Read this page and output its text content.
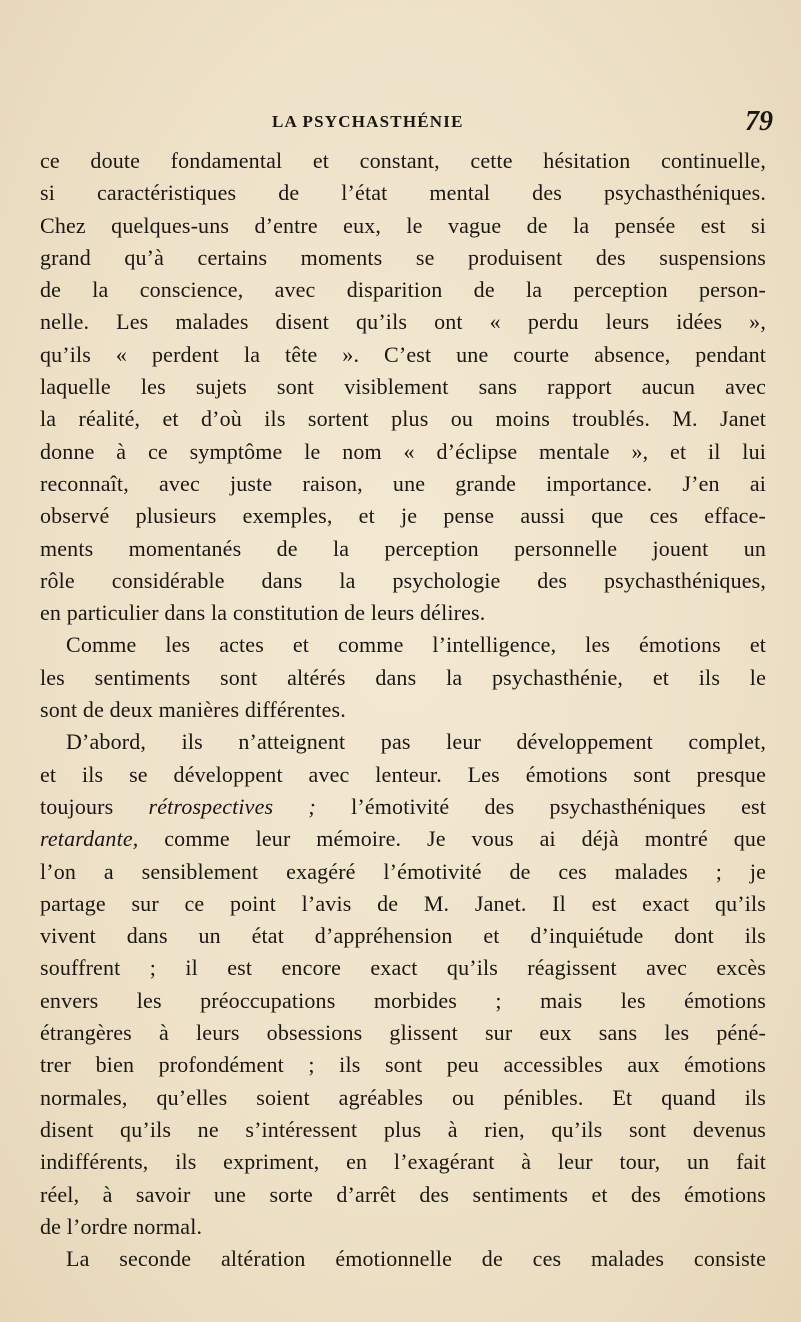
LA PSYCHASTHÉNIE	79
ce doute fondamental et constant, cette hésitation continuelle,
si caractéristiques de l’état mental des psychasthéniques.
Chez quelques-uns d’entre eux, le vague de la pensée est si
grand qu’à certains moments se produisent des suspensions
de la conscience, avec disparition de la perception person-
nelle. Les malades disent qu’ils ont « perdu leurs idées »,
qu’ils « perdent la tête ». C’est une courte absence, pendant
laquelle les sujets sont visiblement sans rapport aucun avec
la réalité, et d’où ils sortent plus ou moins troublés. M. Janet
donne à ce symptôme le nom « d’éclipse mentale », et il lui
reconnaît, avec juste raison, une grande importance. J’en ai
observé plusieurs exemples, et je pense aussi que ces efface-
ments momentanés de la perception personnelle jouent un
rôle considérable dans la psychologie des psychasthéniques,
en particulier dans la constitution de leurs délires.
Comme les actes et comme l’intelligence, les émotions et
les sentiments sont altérés dans la psychasthénie, et ils le
sont de deux manières différentes.
D’abord, ils n’atteignent pas leur développement complet,
et ils se développent avec lenteur. Les émotions sont presque
toujours rétrospectives ; l’émotivité des psychasthéniques est
retardante, comme leur mémoire. Je vous ai déjà montré que
l’on a sensiblement exagéré l’émotivité de ces malades ; je
partage sur ce point l’avis de M. Janet. Il est exact qu’ils
vivent dans un état d’appréhension et d’inquiétude dont ils
souffrent ; il est encore exact qu’ils réagissent avec excès
envers les préoccupations morbides ; mais les émotions
étrangères à leurs obsessions glissent sur eux sans les péné-
trer bien profondément ; ils sont peu accessibles aux émotions
normales, qu’elles soient agréables ou pénibles. Et quand ils
disent qu’ils ne s’intéressent plus à rien, qu’ils sont devenus
indifférents, ils expriment, en l’exagérant à leur tour, un fait
réel, à savoir une sorte d’arrêt des sentiments et des émotions
de l’ordre normal.
La seconde altération émotionnelle de ces malades consiste
